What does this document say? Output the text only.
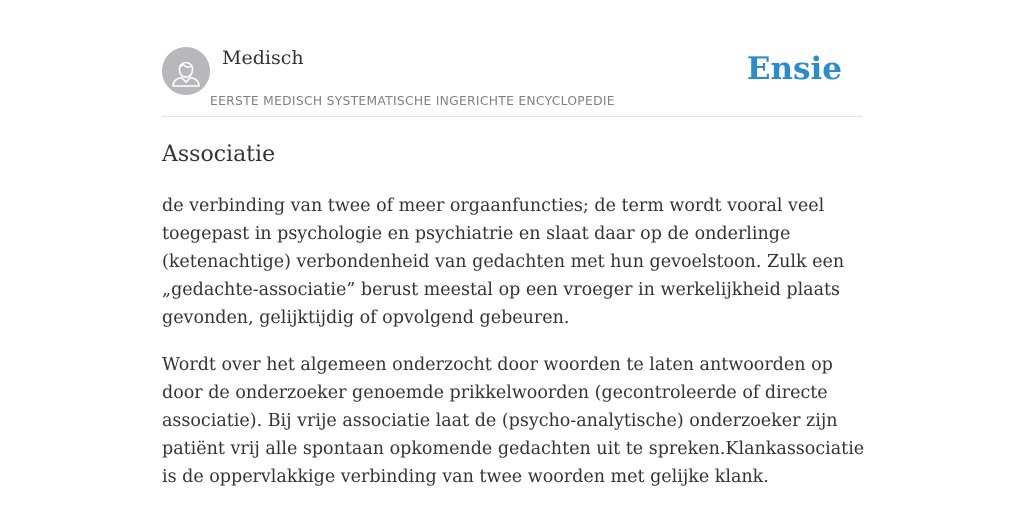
Medisch
EERSTE MEDISCH SYSTEMATISCHE INGERICHTE ENCYCLOPEDIE
Ensie
Associatie

de verbinding van twee of meer orgaanfuncties; de term wordt vooral veel toegepast in psychologie en psychiatrie en slaat daar op de onderlinge (ketenachtige) verbondenheid van gedachten met hun gevoelstoon. Zulk een „gedachte-associatie” berust meestal op een vroeger in werkelijkheid plaats gevonden, gelijktijdig of opvolgend gebeuren.

Wordt over het algemeen onderzocht door woorden te laten antwoorden op door de onderzoeker genoemde prikkelwoorden (gecontroleerde of directe associatie). Bij vrije associatie laat de (psycho-analytische) onderzoeker zijn patiënt vrij alle spontaan opkomende gedachten uit te spreken.Klankassociatie is de oppervlakkige verbinding van twee woorden met gelijke klank.
